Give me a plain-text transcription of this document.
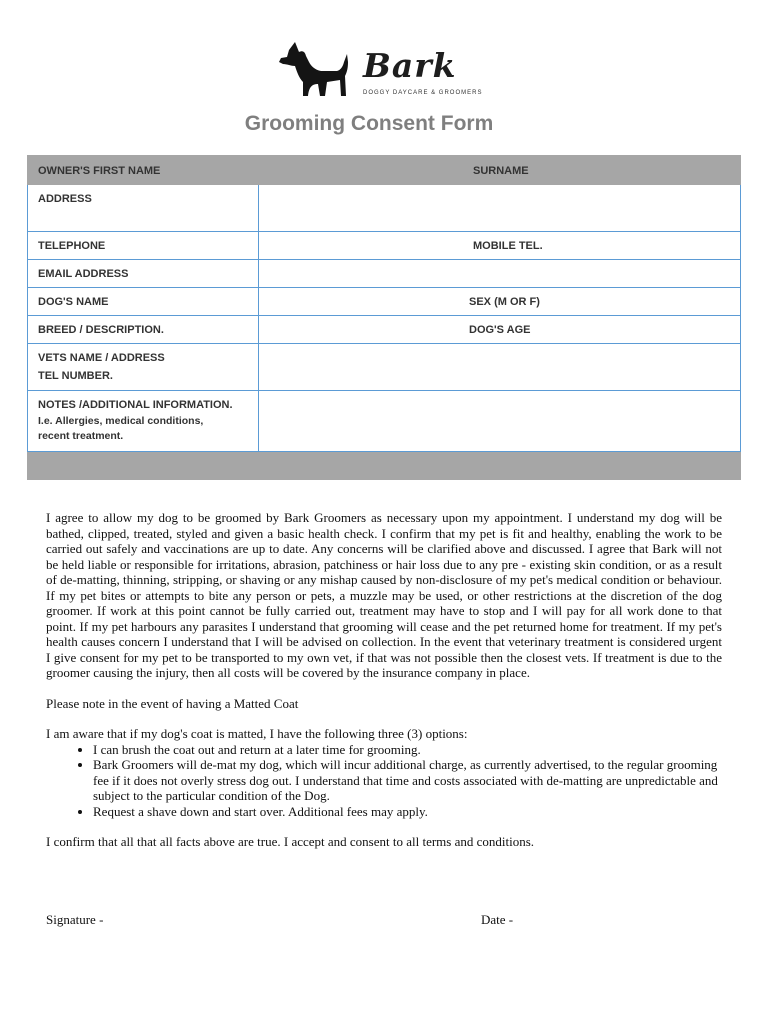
Bark
DOGGY DAYCARE & GROOMERS
Grooming Consent Form
OWNER'S FIRST NAME	SURNAME
ADDRESS	
TELEPHONE	MOBILE TEL.
EMAIL ADDRESS	
DOG'S NAME	SEX (M OR F)
BREED / DESCRIPTION.	DOG'S AGE

VETS NAME / ADDRESS
TEL NUMBER.	

NOTES /ADDITIONAL INFORMATION.
I.e. Allergies, medical conditions,
recent treatment.	

I agree to allow my dog to be groomed by Bark Groomers as necessary upon my appointment. I understand my dog will be bathed, clipped, treated, styled and given a basic health check. I confirm that my pet is fit and healthy, enabling the work to be carried out safely and vaccinations are up to date. Any concerns will be clarified above and discussed. I agree that Bark will not be held liable or responsible for irritations, abrasion, patchiness or hair loss due to any pre - existing skin condition, or as a result of de-matting, thinning, stripping, or shaving or any mishap caused by non-disclosure of my pet's medical condition or behaviour. If my pet bites or attempts to bite any person or pets, a muzzle may be used, or other restrictions at the discretion of the dog groomer. If work at this point cannot be fully carried out, treatment may have to stop and I will pay for all work done to that point. If my pet harbours any parasites I understand that grooming will cease and the pet returned home for treatment. If my pet's health causes concern I understand that I will be advised on collection. In the event that veterinary treatment is considered urgent I give consent for my pet to be transported to my own vet, if that was not possible then the closest vets. If treatment is due to the groomer causing the injury, then all costs will be covered by the insurance company in place.

Please note in the event of having a Matted Coat

I am aware that if my dog's coat is matted, I have the following three (3) options:

• I can brush the coat out and return at a later time for grooming.
• Bark Groomers will de-mat my dog, which will incur additional charge, as currently advertised, to the regular grooming fee if it does not overly stress dog out. I understand that time and costs associated with de-matting are unpredictable and subject to the particular condition of the Dog.
• Request a shave down and start over. Additional fees may apply.

I confirm that all that all facts above are true. I accept and consent to all terms and conditions.

Signature -	Date -
